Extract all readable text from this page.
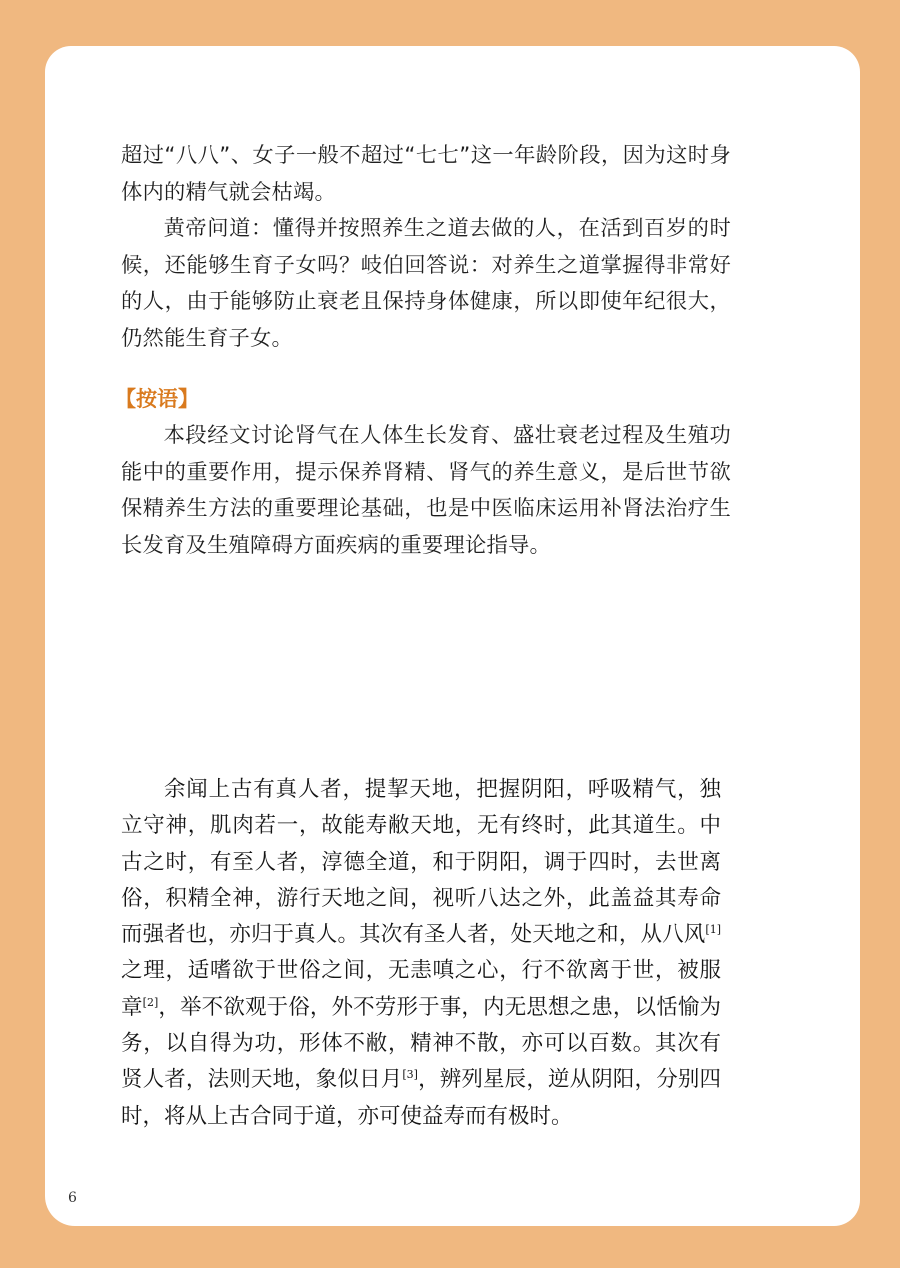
超过“八八”、女子一般不超过“七七”这一年龄阶段，因为这时身体内的精气就会枯竭。

黄帝问道：懂得并按照养生之道去做的人，在活到百岁的时候，还能够生育子女吗？岐伯回答说：对养生之道掌握得非常好的人，由于能够防止衰老且保持身体健康，所以即使年纪很大，仍然能生育子女。

【按语】

本段经文讨论肾气在人体生长发育、盛壮衰老过程及生殖功能中的重要作用，提示保养肾精、肾气的养生意义，是后世节欲保精养生方法的重要理论基础，也是中医临床运用补肾法治疗生长发育及生殖障碍方面疾病的重要理论指导。

余闻上古有真人者，提挈天地，把握阴阳，呼吸精气，独立守神，肌肉若一，故能寿敝天地，无有终时，此其道生。中古之时，有至人者，淳德全道，和于阴阳，调于四时，去世离俗，积精全神，游行天地之间，视听八达之外，此盖益其寿命而强者也，亦归于真人。其次有圣人者，处天地之和，从八风[1]之理，适嗜欲于世俗之间，无恚嗔之心，行不欲离于世，被服章[2]，举不欲观于俗，外不劳形于事，内无思想之患，以恬愉为务，以自得为功，形体不敝，精神不散，亦可以百数。其次有贤人者，法则天地，象似日月[3]，辨列星辰，逆从阴阳，分别四时，将从上古合同于道，亦可使益寿而有极时。

6
